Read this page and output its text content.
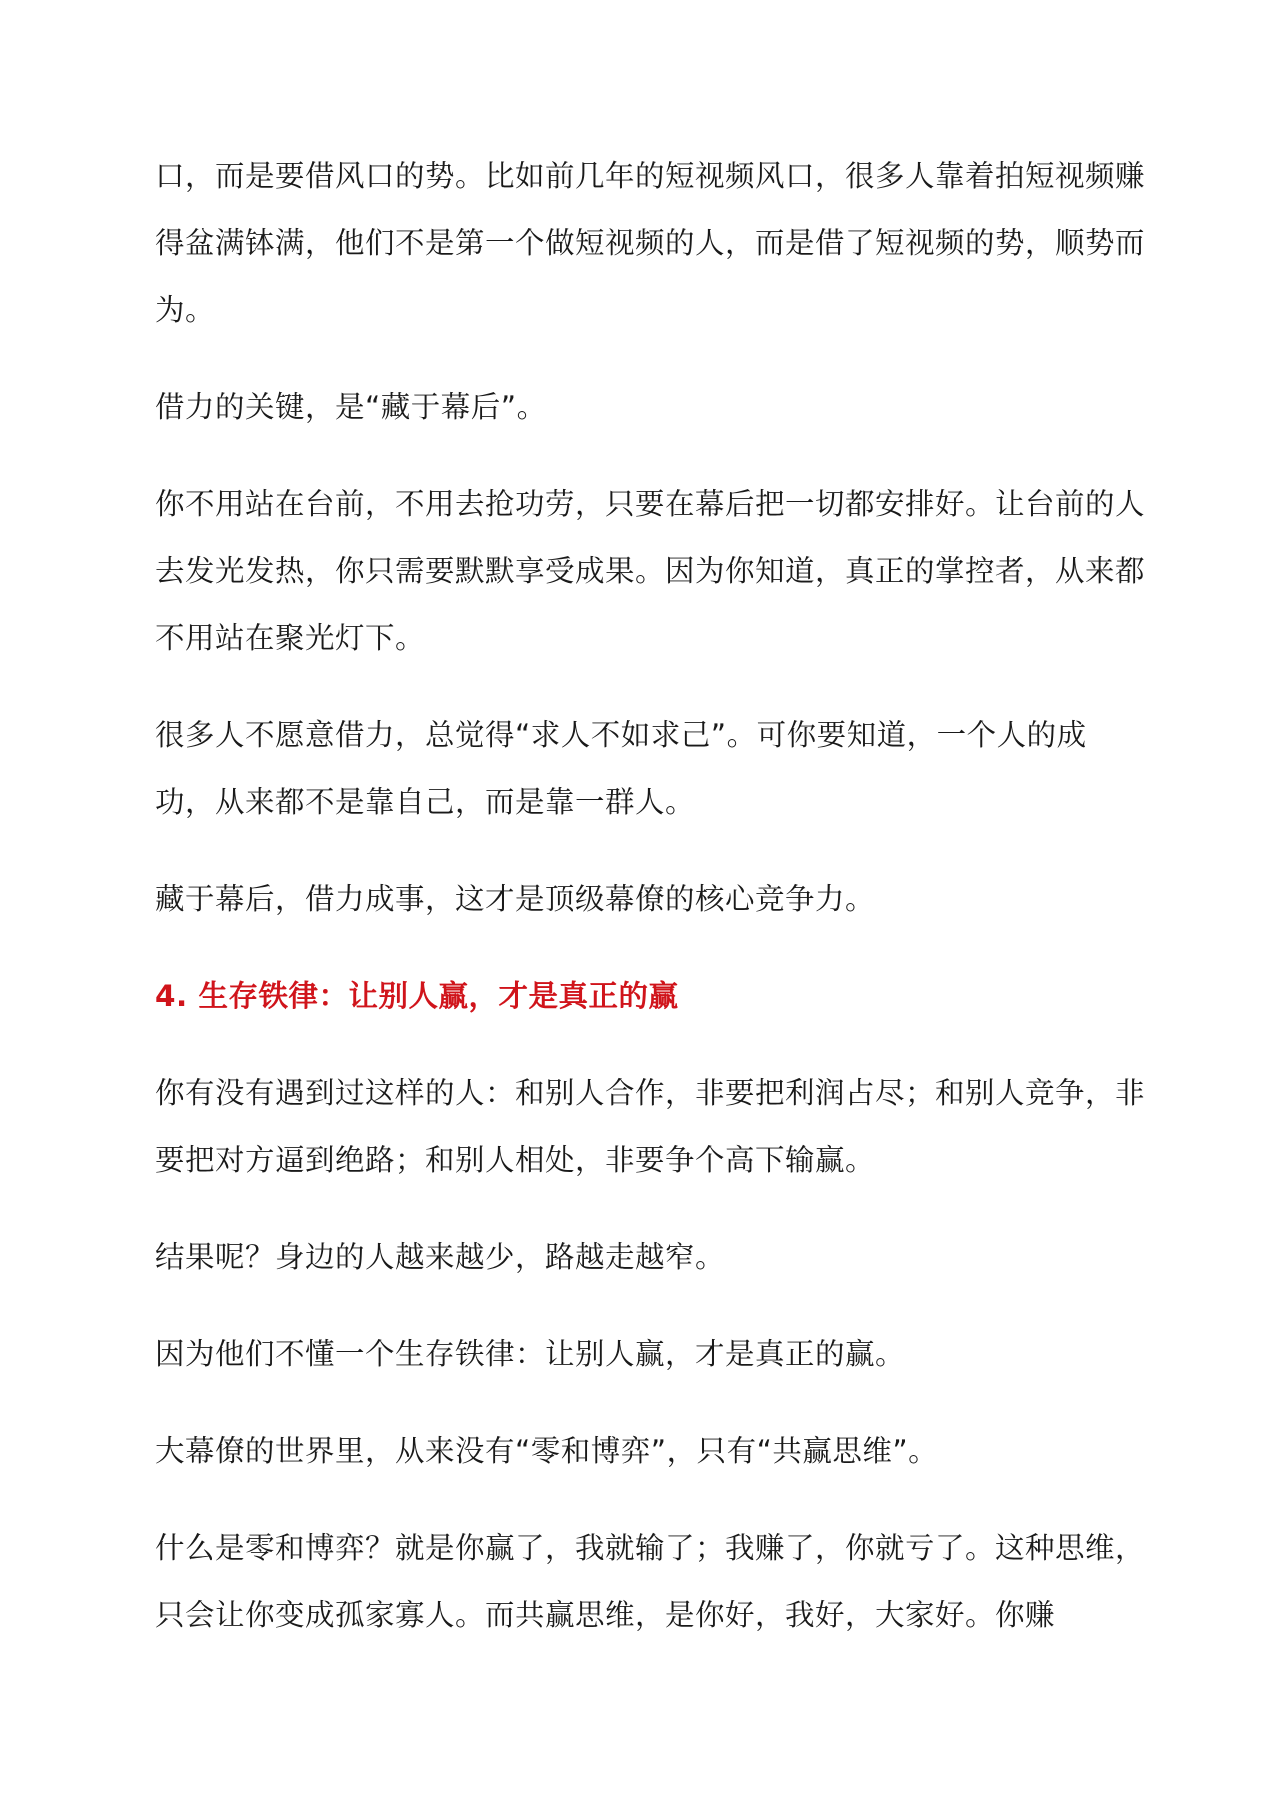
口，而是要借风口的势。比如前几年的短视频风口，很多人靠着拍短视频赚得盆满钵满，他们不是第一个做短视频的人，而是借了短视频的势，顺势而为。

借力的关键，是“藏于幕后”。

你不用站在台前，不用去抢功劳，只要在幕后把一切都安排好。让台前的人去发光发热，你只需要默默享受成果。因为你知道，真正的掌控者，从来都不用站在聚光灯下。

很多人不愿意借力，总觉得“求人不如求己”。可你要知道，一个人的成功，从来都不是靠自己，而是靠一群人。

藏于幕后，借力成事，这才是顶级幕僚的核心竞争力。

4. 生存铁律：让别人赢，才是真正的赢

你有没有遇到过这样的人：和别人合作，非要把利润占尽；和别人竞争，非要把对方逼到绝路；和别人相处，非要争个高下输赢。

结果呢？身边的人越来越少，路越走越窄。

因为他们不懂一个生存铁律：让别人赢，才是真正的赢。

大幕僚的世界里，从来没有“零和博弈”，只有“共赢思维”。

什么是零和博弈？就是你赢了，我就输了；我赚了，你就亏了。这种思维，只会让你变成孤家寡人。而共赢思维，是你好，我好，大家好。你赚
